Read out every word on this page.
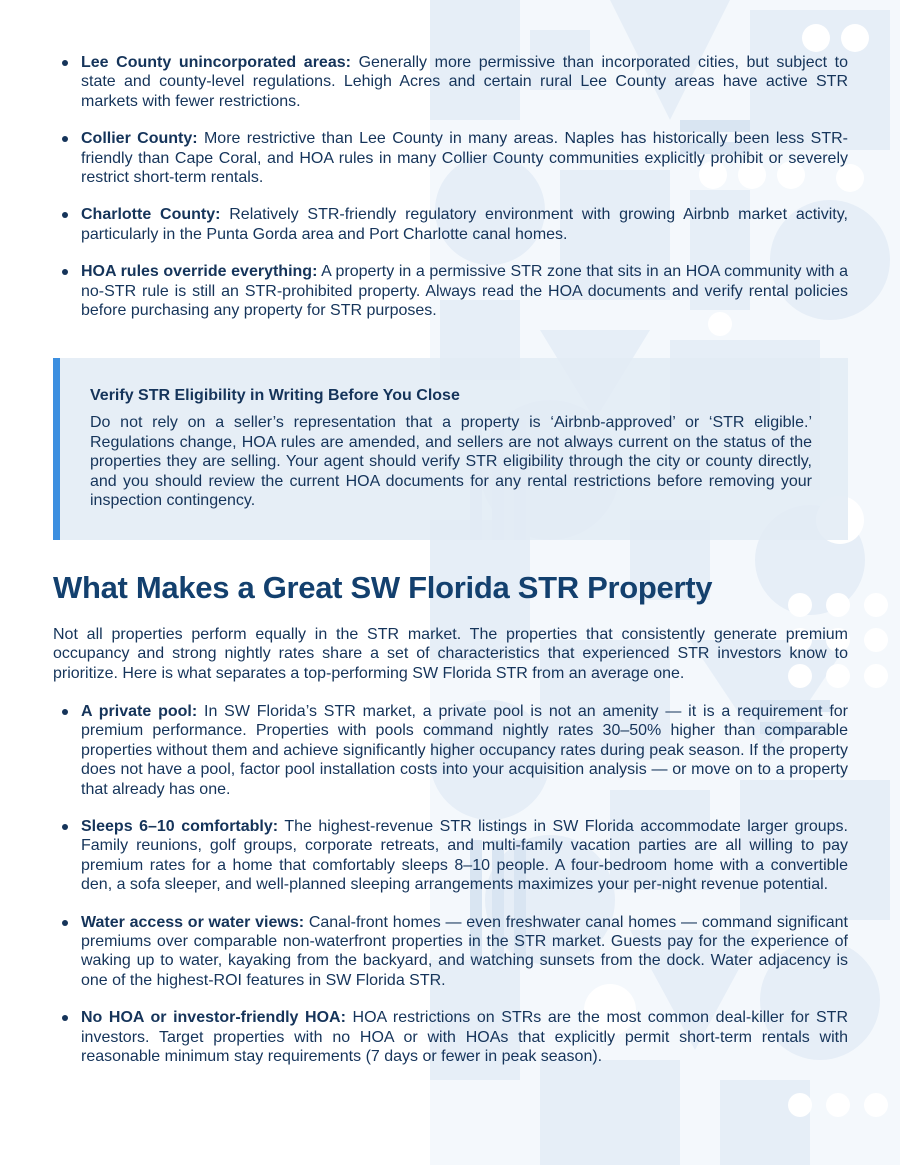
Lee County unincorporated areas: Generally more permissive than incorporated cities, but subject to state and county-level regulations. Lehigh Acres and certain rural Lee County areas have active STR markets with fewer restrictions.
Collier County: More restrictive than Lee County in many areas. Naples has historically been less STR-friendly than Cape Coral, and HOA rules in many Collier County communities explicitly prohibit or severely restrict short-term rentals.
Charlotte County: Relatively STR-friendly regulatory environment with growing Airbnb market activity, particularly in the Punta Gorda area and Port Charlotte canal homes.
HOA rules override everything: A property in a permissive STR zone that sits in an HOA community with a no-STR rule is still an STR-prohibited property. Always read the HOA documents and verify rental policies before purchasing any property for STR purposes.
Verify STR Eligibility in Writing Before You Close
Do not rely on a seller’s representation that a property is ‘Airbnb-approved’ or ‘STR eligible.’ Regulations change, HOA rules are amended, and sellers are not always current on the status of the properties they are selling. Your agent should verify STR eligibility through the city or county directly, and you should review the current HOA documents for any rental restrictions before removing your inspection contingency.
What Makes a Great SW Florida STR Property

Not all properties perform equally in the STR market. The properties that consistently generate premium occupancy and strong nightly rates share a set of characteristics that experienced STR investors know to prioritize. Here is what separates a top-performing SW Florida STR from an average one.

A private pool: In SW Florida’s STR market, a private pool is not an amenity — it is a requirement for premium performance. Properties with pools command nightly rates 30–50% higher than comparable properties without them and achieve significantly higher occupancy rates during peak season. If the property does not have a pool, factor pool installation costs into your acquisition analysis — or move on to a property that already has one.
Sleeps 6–10 comfortably: The highest-revenue STR listings in SW Florida accommodate larger groups. Family reunions, golf groups, corporate retreats, and multi-family vacation parties are all willing to pay premium rates for a home that comfortably sleeps 8–10 people. A four-bedroom home with a convertible den, a sofa sleeper, and well-planned sleeping arrangements maximizes your per-night revenue potential.
Water access or water views: Canal-front homes — even freshwater canal homes — command significant premiums over comparable non-waterfront properties in the STR market. Guests pay for the experience of waking up to water, kayaking from the backyard, and watching sunsets from the dock. Water adjacency is one of the highest-ROI features in SW Florida STR.
No HOA or investor-friendly HOA: HOA restrictions on STRs are the most common deal-killer for STR investors. Target properties with no HOA or with HOAs that explicitly permit short-term rentals with reasonable minimum stay requirements (7 days or fewer in peak season).
